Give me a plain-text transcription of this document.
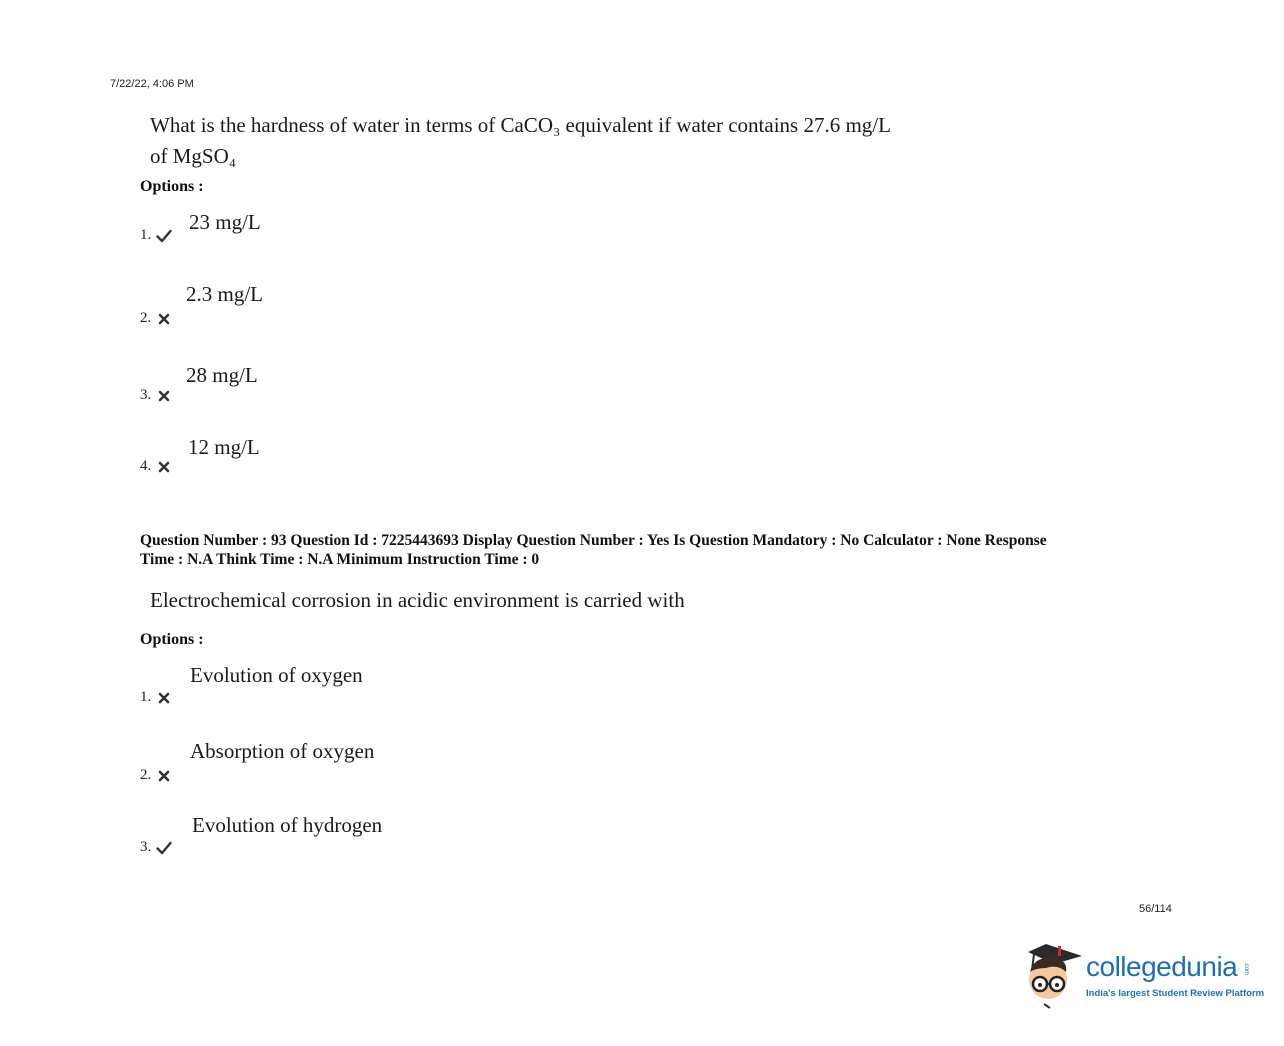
7/22/22, 4:06 PM
What is the hardness of water in terms of CaCO₃ equivalent if water contains 27.6 mg/L
of MgSO₄
Options :
1.
23 mg/L
2.
2.3 mg/L
3.
28 mg/L
4.
12 mg/L
Question Number : 93 Question Id : 7225443693 Display Question Number : Yes Is Question Mandatory : No Calculator : None Response
Time : N.A Think Time : N.A Minimum Instruction Time : 0
Electrochemical corrosion in acidic environment is carried with
Options :
1.
Evolution of oxygen
2.
Absorption of oxygen
3.
Evolution of hydrogen
56/114
collegedunia .com
India's largest Student Review Platform
